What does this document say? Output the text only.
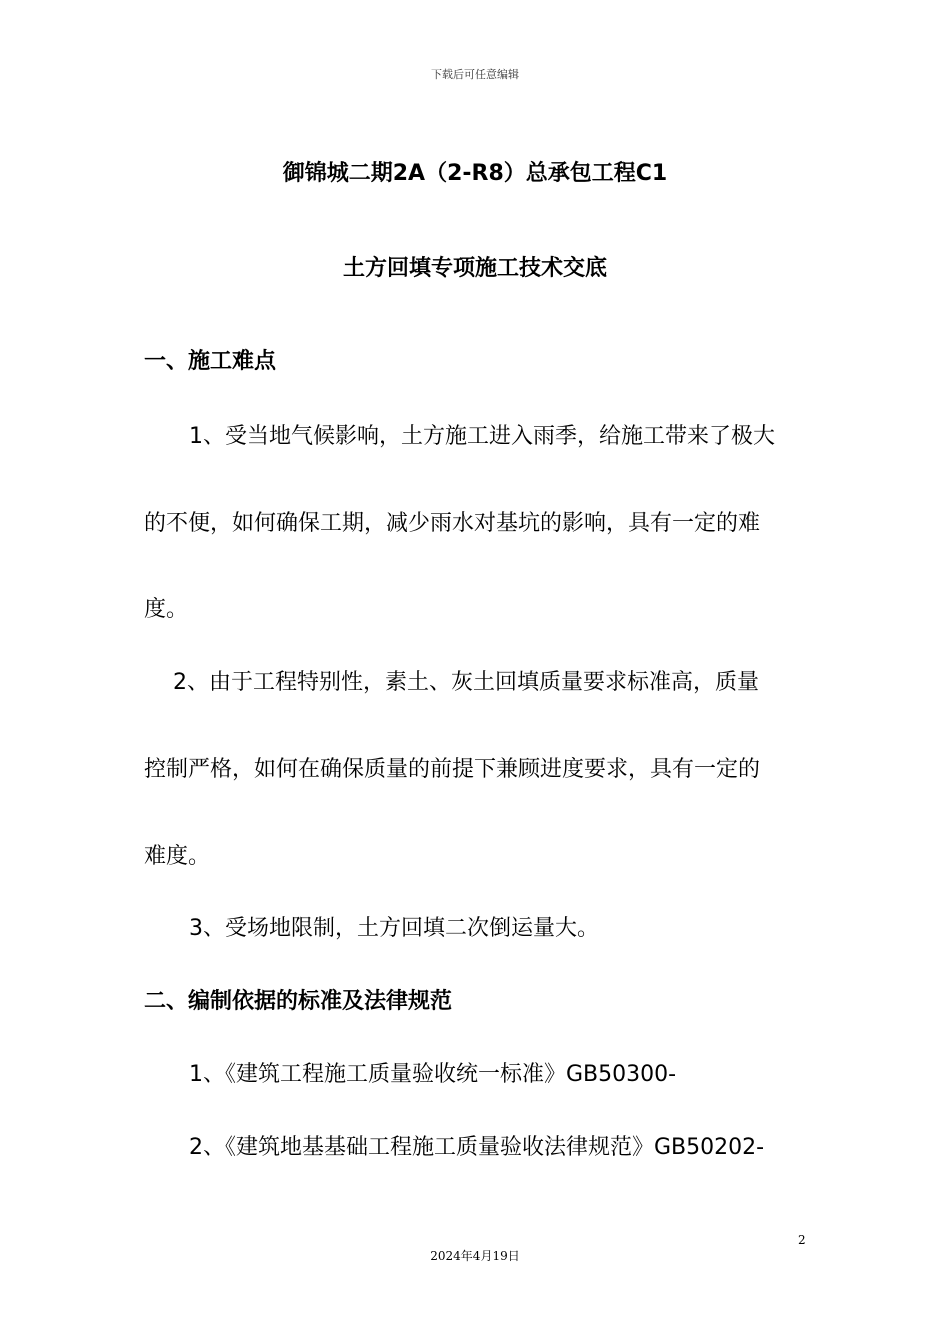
下载后可任意编辑
御锦城二期2A（2-R8）总承包工程C1
土方回填专项施工技术交底
一、施工难点
1、受当地气候影响，土方施工进入雨季，给施工带来了极大
的不便，如何确保工期，减少雨水对基坑的影响，具有一定的难
度。
2、由于工程特别性，素土、灰土回填质量要求标准高，质量
控制严格，如何在确保质量的前提下兼顾进度要求，具有一定的
难度。
3、受场地限制，土方回填二次倒运量大。
二、编制依据的标准及法律规范
1、《建筑工程施工质量验收统一标准》GB50300-
2、《建筑地基基础工程施工质量验收法律规范》GB50202-
2
2024年4月19日
